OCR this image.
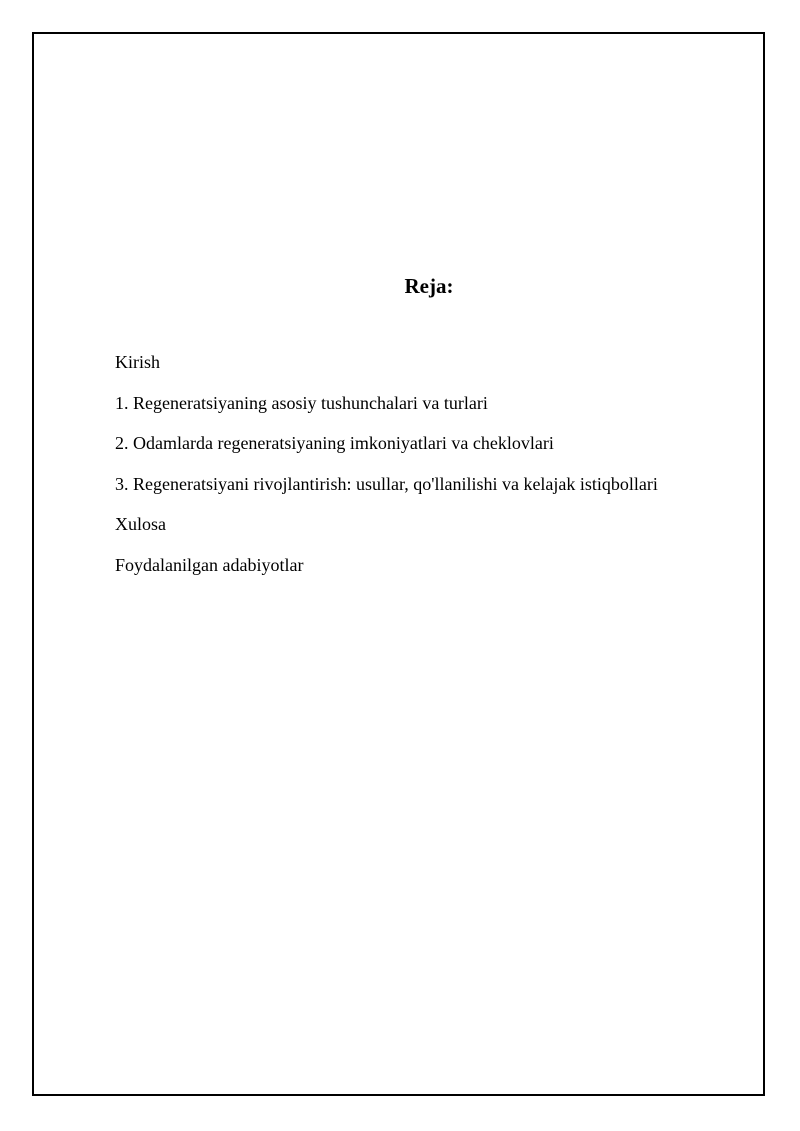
Reja:
Kirish
1. Regeneratsiyaning asosiy tushunchalari va turlari
2. Odamlarda regeneratsiyaning imkoniyatlari va cheklovlari
3. Regeneratsiyani rivojlantirish: usullar, qo'llanilishi va kelajak istiqbollari
Xulosa
Foydalanilgan adabiyotlar
